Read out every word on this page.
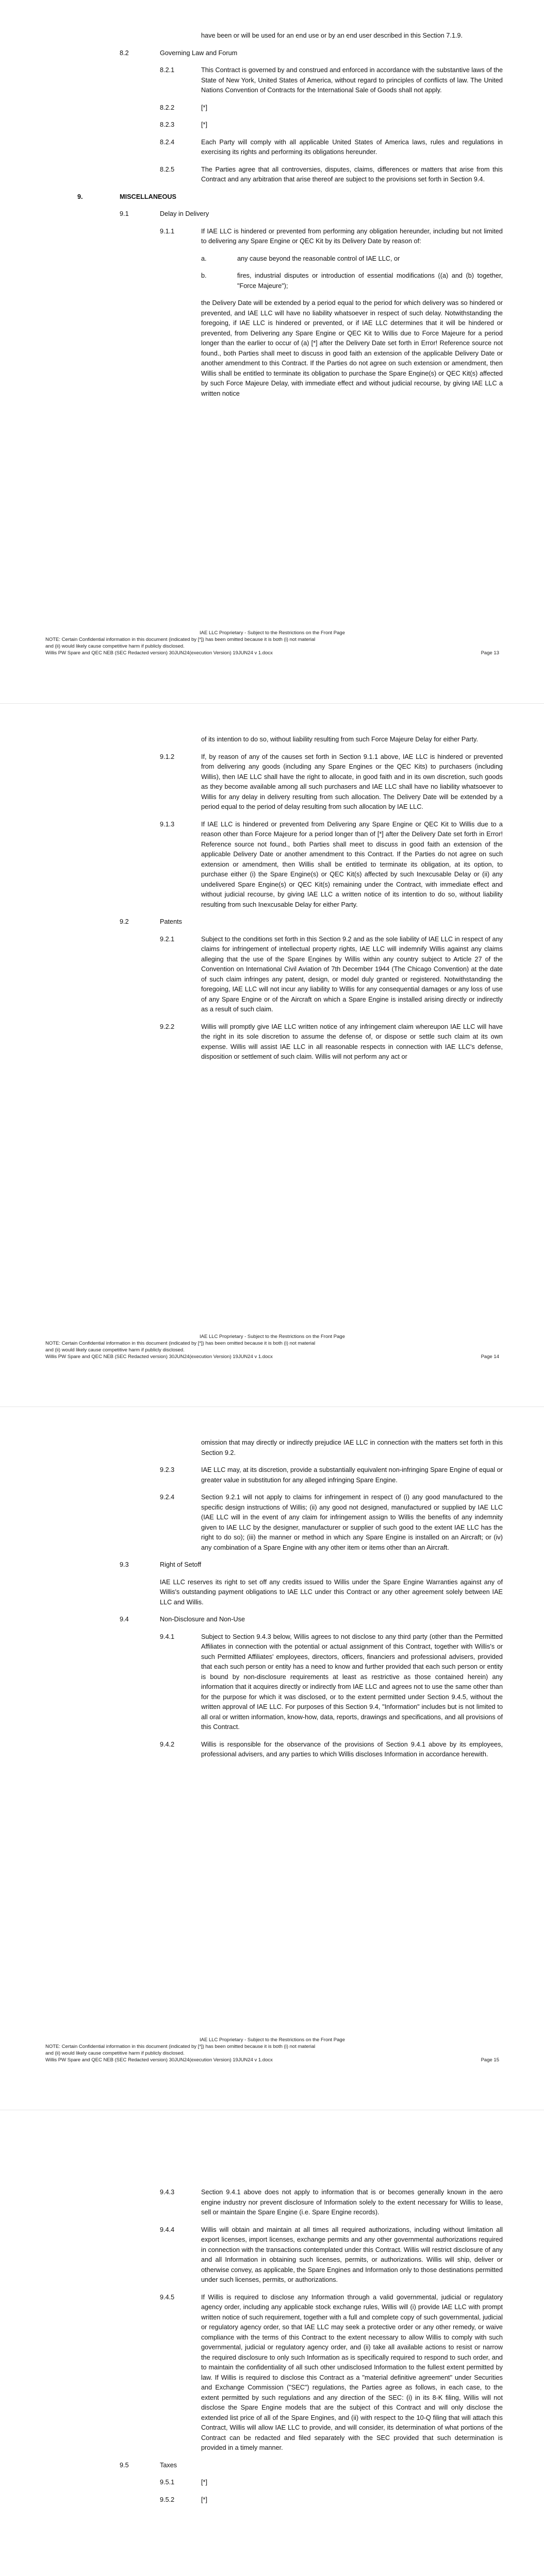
have been or will be used for an end use or by an end user described in this Section 7.1.9.
8.2	Governing Law and Forum
8.2.1	This Contract is governed by and construed and enforced in accordance with the substantive laws of the State of New York, United States of America, without regard to principles of conflicts of law. The United Nations Convention of Contracts for the International Sale of Goods shall not apply.
8.2.2	[*]
8.2.3	[*]
8.2.4	Each Party will comply with all applicable United States of America laws, rules and regulations in exercising its rights and performing its obligations hereunder.
8.2.5	The Parties agree that all controversies, disputes, claims, differences or matters that arise from this Contract and any arbitration that arise thereof are subject to the provisions set forth in Section 9.4.
9.	MISCELLANEOUS
9.1	Delay in Delivery
9.1.1	If IAE LLC is hindered or prevented from performing any obligation hereunder, including but not limited to delivering any Spare Engine or QEC Kit by its Delivery Date by reason of:
a.	any cause beyond the reasonable control of IAE LLC, or
b.	fires, industrial disputes or introduction of essential modifications ((a) and (b) together, "Force Majeure");
the Delivery Date will be extended by a period equal to the period for which delivery was so hindered or prevented, and IAE LLC will have no liability whatsoever in respect of such delay. Notwithstanding the foregoing, if IAE LLC is hindered or prevented, or if IAE LLC determines that it will be hindered or prevented, from Delivering any Spare Engine or QEC Kit to Willis due to Force Majeure for a period longer than the earlier to occur of (a) [*] after the Delivery Date set forth in Error! Reference source not found., both Parties shall meet to discuss in good faith an extension of the applicable Delivery Date or another amendment to this Contract. If the Parties do not agree on such extension or amendment, then Willis shall be entitled to terminate its obligation to purchase the Spare Engine(s) or QEC Kit(s) affected by such Force Majeure Delay, with immediate effect and without judicial recourse, by giving IAE LLC a written notice
IAE LLC Proprietary - Subject to the Restrictions on the Front Page
NOTE: Certain Confidential information in this document (indicated by [*]) has been omitted because it is both (i) not material
and (ii) would likely cause competitive harm if publicly disclosed.
Willis PW Spare and QEC NEB (SEC Redacted version) 30JUN24(execution Version) 19JUN24 v 1.docx	Page 13
of its intention to do so, without liability resulting from such Force Majeure Delay for either Party.
9.1.2	If, by reason of any of the causes set forth in Section 9.1.1 above, IAE LLC is hindered or prevented from delivering any goods (including any Spare Engines or the QEC Kits) to purchasers (including Willis), then IAE LLC shall have the right to allocate, in good faith and in its own discretion, such goods as they become available among all such purchasers and IAE LLC shall have no liability whatsoever to Willis for any delay in delivery resulting from such allocation. The Delivery Date will be extended by a period equal to the period of delay resulting from such allocation by IAE LLC.
9.1.3	If IAE LLC is hindered or prevented from Delivering any Spare Engine or QEC Kit to Willis due to a reason other than Force Majeure for a period longer than of [*] after the Delivery Date set forth in Error! Reference source not found., both Parties shall meet to discuss in good faith an extension of the applicable Delivery Date or another amendment to this Contract. If the Parties do not agree on such extension or amendment, then Willis shall be entitled to terminate its obligation, at its option, to purchase either (i) the Spare Engine(s) or QEC Kit(s) affected by such Inexcusable Delay or (ii) any undelivered Spare Engine(s) or QEC Kit(s) remaining under the Contract, with immediate effect and without judicial recourse, by giving IAE LLC a written notice of its intention to do so, without liability resulting from such Inexcusable Delay for either Party.
9.2	Patents
9.2.1	Subject to the conditions set forth in this Section 9.2 and as the sole liability of IAE LLC in respect of any claims for infringement of intellectual property rights, IAE LLC will indemnify Willis against any claims alleging that the use of the Spare Engines by Willis within any country subject to Article 27 of the Convention on International Civil Aviation of 7th December 1944 (The Chicago Convention) at the date of such claim infringes any patent, design, or model duly granted or registered. Notwithstanding the foregoing, IAE LLC will not incur any liability to Willis for any consequential damages or any loss of use of any Spare Engine or of the Aircraft on which a Spare Engine is installed arising directly or indirectly as a result of such claim.
9.2.2	Willis will promptly give IAE LLC written notice of any infringement claim whereupon IAE LLC will have the right in its sole discretion to assume the defense of, or dispose or settle such claim at its own expense. Willis will assist IAE LLC in all reasonable respects in connection with IAE LLC's defense, disposition or settlement of such claim. Willis will not perform any act or
IAE LLC Proprietary - Subject to the Restrictions on the Front Page
NOTE: Certain Confidential information in this document (indicated by [*]) has been omitted because it is both (i) not material
and (ii) would likely cause competitive harm if publicly disclosed.
Willis PW Spare and QEC NEB (SEC Redacted version) 30JUN24(execution Version) 19JUN24 v 1.docx	Page 14
omission that may directly or indirectly prejudice IAE LLC in connection with the matters set forth in this Section 9.2.
9.2.3	IAE LLC may, at its discretion, provide a substantially equivalent non-infringing Spare Engine of equal or greater value in substitution for any alleged infringing Spare Engine.
9.2.4	Section 9.2.1 will not apply to claims for infringement in respect of (i) any good manufactured to the specific design instructions of Willis; (ii) any good not designed, manufactured or supplied by IAE LLC (IAE LLC will in the event of any claim for infringement assign to Willis the benefits of any indemnity given to IAE LLC by the designer, manufacturer or supplier of such good to the extent IAE LLC has the right to do so); (iii) the manner or method in which any Spare Engine is installed on an Aircraft; or (iv) any combination of a Spare Engine with any other item or items other than an Aircraft.
9.3	Right of Setoff
IAE LLC reserves its right to set off any credits issued to Willis under the Spare Engine Warranties against any of Willis's outstanding payment obligations to IAE LLC under this Contract or any other agreement solely between IAE LLC and Willis.
9.4	Non-Disclosure and Non-Use
9.4.1	Subject to Section 9.4.3 below, Willis agrees to not disclose to any third party (other than the Permitted Affiliates in connection with the potential or actual assignment of this Contract, together with Willis's or such Permitted Affiliates' employees, directors, officers, financiers and professional advisers, provided that each such person or entity has a need to know and further provided that each such person or entity is bound by non-disclosure requirements at least as restrictive as those contained herein) any information that it acquires directly or indirectly from IAE LLC and agrees not to use the same other than for the purpose for which it was disclosed, or to the extent permitted under Section 9.4.5, without the written approval of IAE LLC. For purposes of this Section 9.4, "Information" includes but is not limited to all oral or written information, know-how, data, reports, drawings and specifications, and all provisions of this Contract.
9.4.2	Willis is responsible for the observance of the provisions of Section 9.4.1 above by its employees, professional advisers, and any parties to which Willis discloses Information in accordance herewith.
IAE LLC Proprietary - Subject to the Restrictions on the Front Page
NOTE: Certain Confidential information in this document (indicated by [*]) has been omitted because it is both (i) not material
and (ii) would likely cause competitive harm if publicly disclosed.
Willis PW Spare and QEC NEB (SEC Redacted version) 30JUN24(execution Version) 19JUN24 v 1.docx	Page 15
9.4.3	Section 9.4.1 above does not apply to information that is or becomes generally known in the aero engine industry nor prevent disclosure of Information solely to the extent necessary for Willis to lease, sell or maintain the Spare Engine (i.e. Spare Engine records).
9.4.4	Willis will obtain and maintain at all times all required authorizations, including without limitation all export licenses, import licenses, exchange permits and any other governmental authorizations required in connection with the transactions contemplated under this Contract. Willis will restrict disclosure of any and all Information in obtaining such licenses, permits, or authorizations. Willis will ship, deliver or otherwise convey, as applicable, the Spare Engines and Information only to those destinations permitted under such licenses, permits, or authorizations.
9.4.5	If Willis is required to disclose any Information through a valid governmental, judicial or regulatory agency order, including any applicable stock exchange rules, Willis will (i) provide IAE LLC with prompt written notice of such requirement, together with a full and complete copy of such governmental, judicial or regulatory agency order, so that IAE LLC may seek a protective order or any other remedy, or waive compliance with the terms of this Contract to the extent necessary to allow Willis to comply with such governmental, judicial or regulatory agency order, and (ii) take all available actions to resist or narrow the required disclosure to only such Information as is specifically required to respond to such order, and to maintain the confidentiality of all such other undisclosed Information to the fullest extent permitted by law. If Willis is required to disclose this Contract as a "material definitive agreement" under Securities and Exchange Commission ("SEC") regulations, the Parties agree as follows, in each case, to the extent permitted by such regulations and any direction of the SEC: (i) in its 8-K filing, Willis will not disclose the Spare Engine models that are the subject of this Contract and will only disclose the extended list price of all of the Spare Engines, and (ii) with respect to the 10-Q filing that will attach this Contract, Willis will allow IAE LLC to provide, and will consider, its determination of what portions of the Contract can be redacted and filed separately with the SEC provided that such determination is provided in a timely manner.
9.5	Taxes
9.5.1	[*]
9.5.2	[*]
